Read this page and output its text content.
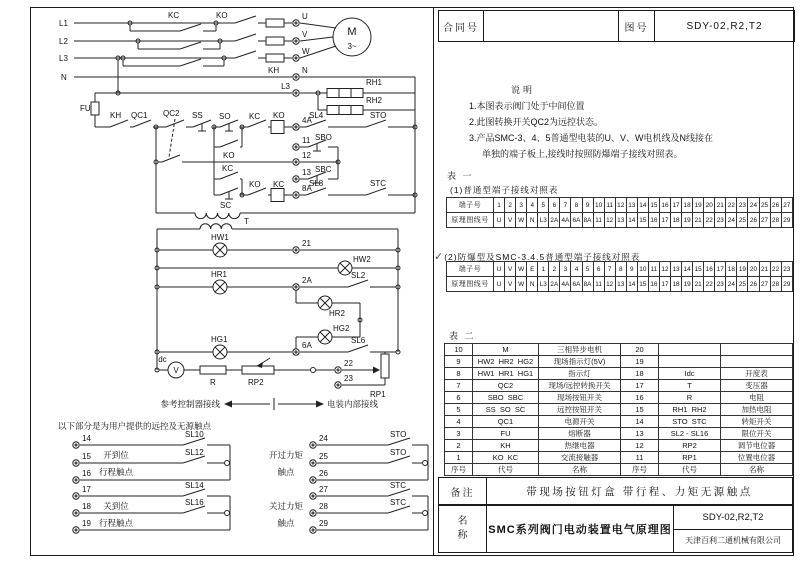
L1
L2
L3
N
KC	KO
KH
U
V
W
N
M
3~
L3	RH1
RH2
FU
KH QC1 QC2 SS SO KC KO
4A
SL4	STO
KO
11 SBO
12
KC	13 SBC
SC
KO KC 8A
SL8	STC
T
HW1
21
HW2
HR1
2A
SL2
HR2
HG2
HG1
6A
SL6
Idc
V
R	RP2
22
RP1
23
参考控制器接线	电装内部接线
以下部分是为用户提供的远控及无源触点
14
15
16
SL10
SL12
开到位
行程触点
17
18
19
SL14
SL16
关到位
行程触点
24
25
26
STO
STO
开过力矩
触点
27
28
29
STC
STC
关过力矩
触点
合同号	图号	SDY-02,R2,T2
说明
1.本图表示阀门处于中间位置
2.此图转换开关QC2为远控状态。
3.产品SMC-3、4、5普通型电装的U、V、W电机线及N线接在
单独的端子板上,接线时按照防爆端子接线对照表。
表 一
(1)普通型端子接线对照表
端子号	1	2	3	4	5	6	7	8	9	10	11	12	13	14	15	16	17	18	19	20	21	22	23	24	25	26	27
原理图线号	U	V	W	N	L3	2A	4A	6A	8A	11	12	13	14	15	16	17	18	19	21	22	23	24	25	26	27	28	29
✓(2)防爆型及SMC-3.4.5普通型端子接线对照表
端子号	U	V	W	E	1	2	3	4	5	6	7	8	9	10	11	12	13	14	15	16	17	18	19	20	21	22	23
原理图线号	U	V	W	N	L3	2A	4A	6A	8A	11	12	13	14	15	16	17	18	19	21	22	23	24	25	26	27	28	29
表 二
10	M	三相异步电机	20		
9	HW2  HR2  HG2	现场指示灯(5V)	19		
8	HW1  HR1  HG1	指示灯	18	Idc	开度表
7	QC2	现场/远控转换开关	17	T	变压器
6	SBO  SBC	现场按钮开关	16	R	电阻
5	SS  SO  SC	远控按钮开关	15	RH1  RH2	加热电阻
4	QC1	电源开关	14	STO  STC	转矩开关
3	FU	熔断器	13	SL2 - SL16	限位开关
2	KH	热继电器	12	RP2	调节电位器
1	KO  KC	交流接触器	11	RP1	位置电位器
序号	代号	名称	序号	代号	名称
备注	带现场按钮灯盒 带行程、力矩无源触点
名称 SMC系列阀门电动装置电气原理图
SDY-02,R2,T2
天津百利二通机械有限公司
